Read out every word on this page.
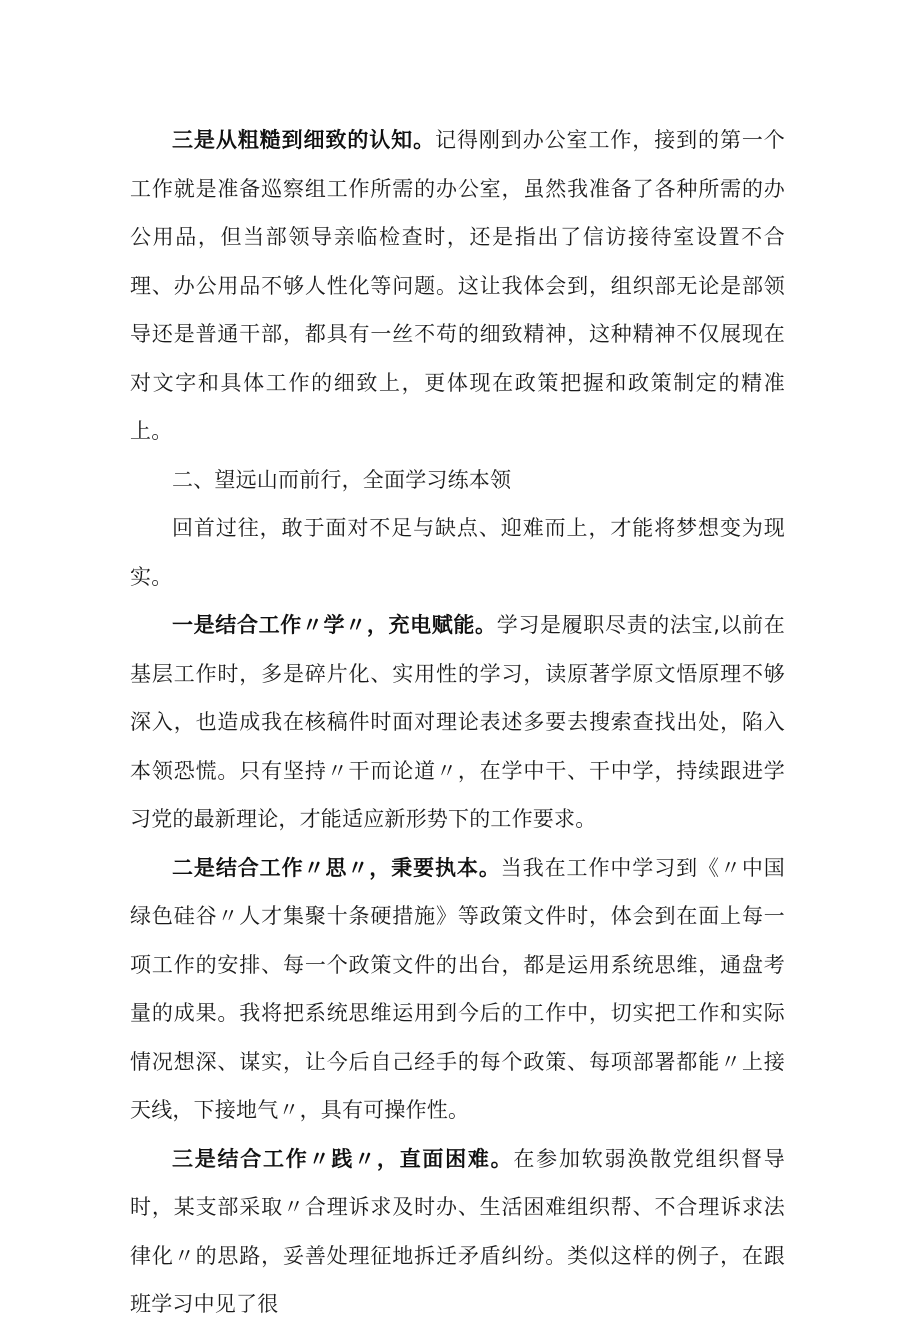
三是从粗糙到细致的认知。记得刚到办公室工作，接到的第一个工作就是准备巡察组工作所需的办公室，虽然我准备了各种所需的办公用品，但当部领导亲临检查时，还是指出了信访接待室设置不合理、办公用品不够人性化等问题。这让我体会到，组织部无论是部领导还是普通干部，都具有一丝不苟的细致精神，这种精神不仅展现在对文字和具体工作的细致上，更体现在政策把握和政策制定的精准上。

二、望远山而前行，全面学习练本领

回首过往，敢于面对不足与缺点、迎难而上，才能将梦想变为现实。

一是结合工作〃学〃，充电赋能。学习是履职尽责的法宝,以前在基层工作时，多是碎片化、实用性的学习，读原著学原文悟原理不够深入，也造成我在核稿件时面对理论表述多要去搜索查找出处，陷入本领恐慌。只有坚持〃干而论道〃，在学中干、干中学，持续跟进学习党的最新理论，才能适应新形势下的工作要求。

二是结合工作〃思〃，秉要执本。当我在工作中学习到《〃中国绿色硅谷〃人才集聚十条硬措施》等政策文件时，体会到在面上每一项工作的安排、每一个政策文件的出台，都是运用系统思维，通盘考量的成果。我将把系统思维运用到今后的工作中，切实把工作和实际情况想深、谋实，让今后自己经手的每个政策、每项部署都能〃上接天线，下接地气〃，具有可操作性。

三是结合工作〃践〃，直面困难。在参加软弱涣散党组织督导时，某支部采取〃合理诉求及时办、生活困难组织帮、不合理诉求法律化〃的思路，妥善处理征地拆迁矛盾纠纷。类似这样的例子，在跟班学习中见了很
